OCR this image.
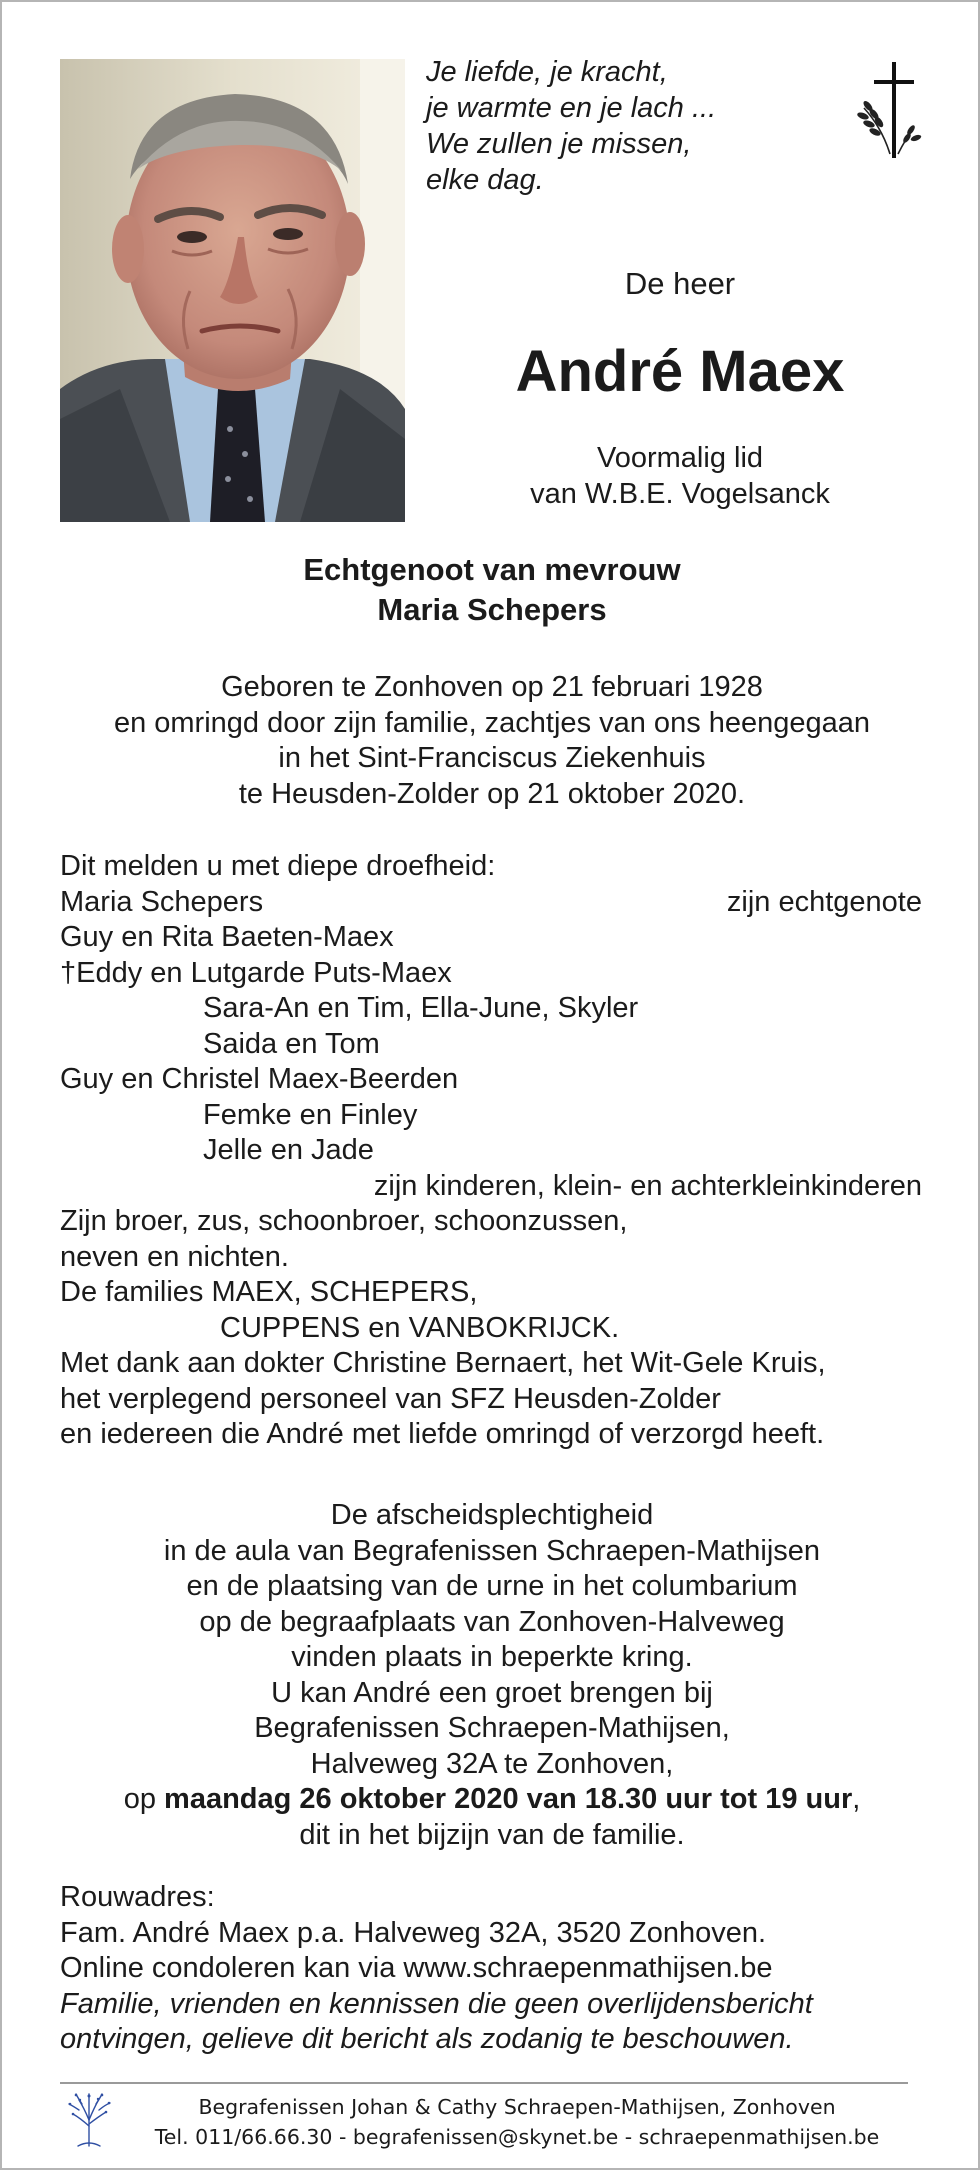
Je liefde, je kracht,
je warmte en je lach ...
We zullen je missen,
elke dag.
De heer
André Maex
Voormalig lid
van W.B.E. Vogelsanck
Echtgenoot van mevrouw
Maria Schepers
Geboren te Zonhoven op 21 februari 1928
en omringd door zijn familie, zachtjes van ons heengegaan
in het Sint-Franciscus Ziekenhuis
te Heusden-Zolder op 21 oktober 2020.
Dit melden u met diepe droefheid:
Maria Schepers	zijn echtgenote
Guy en Rita Baeten-Maex
†Eddy en Lutgarde Puts-Maex
Sara-An en Tim, Ella-June, Skyler
Saida en Tom
Guy en Christel Maex-Beerden
Femke en Finley
Jelle en Jade
zijn kinderen, klein- en achterkleinkinderen
Zijn broer, zus, schoonbroer, schoonzussen,
neven en nichten.
De families MAEX, SCHEPERS,
CUPPENS en VANBOKRIJCK.
Met dank aan dokter Christine Bernaert, het Wit-Gele Kruis,
het verplegend personeel van SFZ Heusden-Zolder
en iedereen die André met liefde omringd of verzorgd heeft.
De afscheidsplechtigheid
in de aula van Begrafenissen Schraepen-Mathijsen
en de plaatsing van de urne in het columbarium
op de begraafplaats van Zonhoven-Halveweg
vinden plaats in beperkte kring.
U kan André een groet brengen bij
Begrafenissen Schraepen-Mathijsen,
Halveweg 32A te Zonhoven,
op maandag 26 oktober 2020 van 18.30 uur tot 19 uur,
dit in het bijzijn van de familie.
Rouwadres:
Fam. André Maex p.a. Halveweg 32A, 3520 Zonhoven.
Online condoleren kan via www.schraepenmathijsen.be
Familie, vrienden en kennissen die geen overlijdensbericht
ontvingen, gelieve dit bericht als zodanig te beschouwen.
Begrafenissen Johan & Cathy Schraepen-Mathijsen, Zonhoven
Tel. 011/66.66.30 - begrafenissen@skynet.be - schraepenmathijsen.be
